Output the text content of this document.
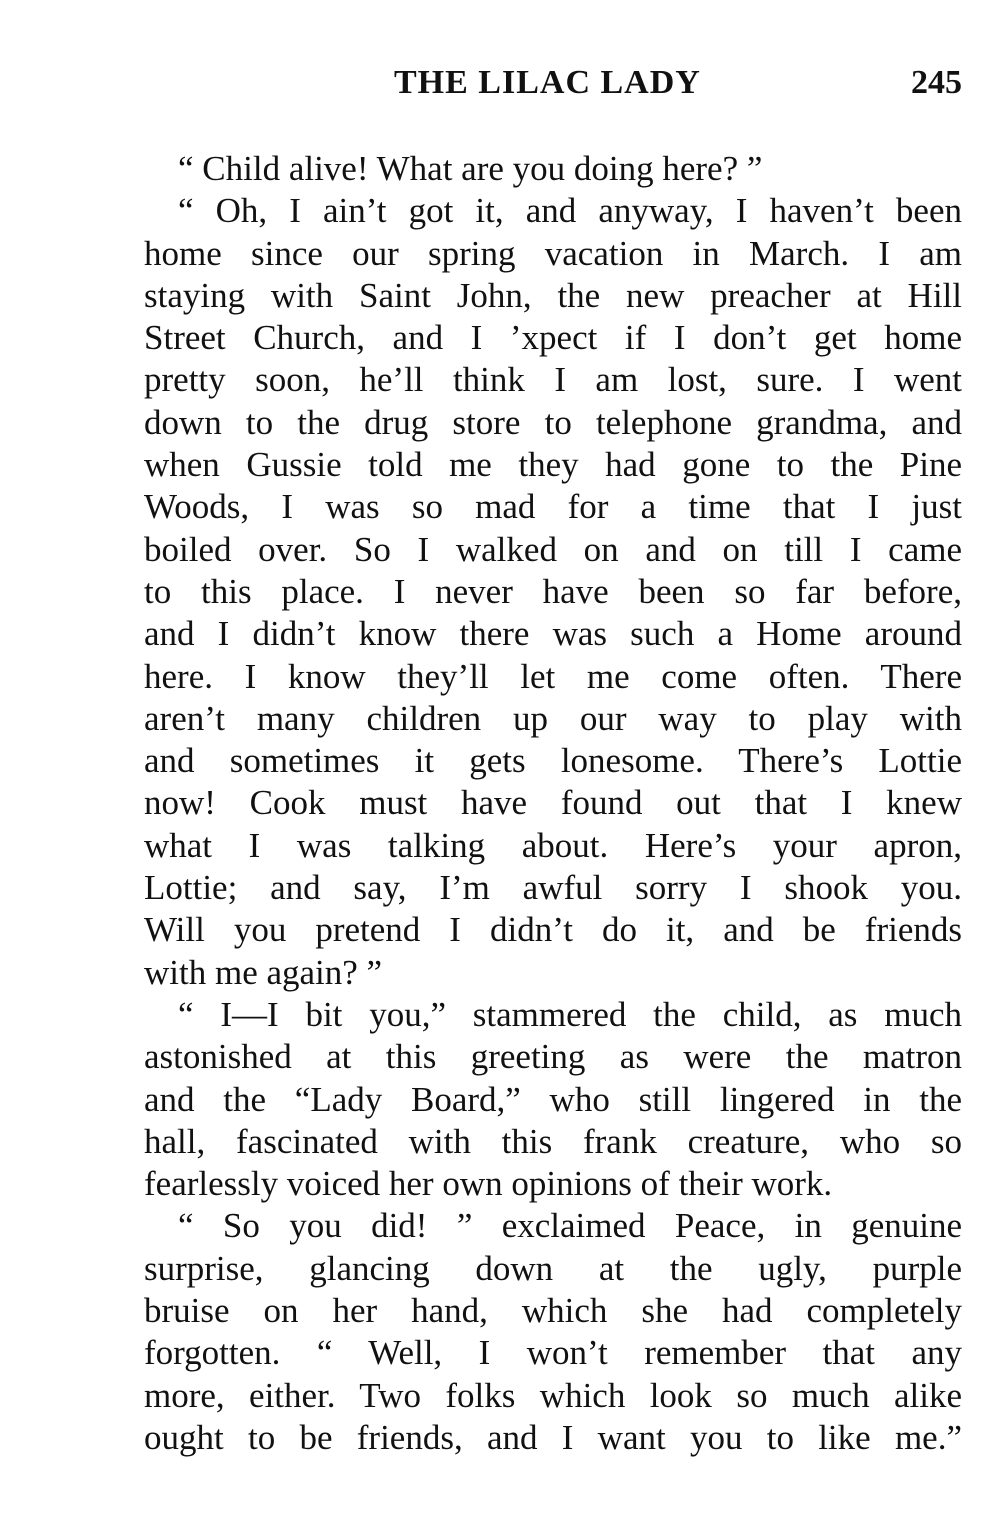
THE LILAC LADY	245
“ Child alive! What are you doing here? ”
“ Oh, I ain’t got it, and anyway, I haven’t been
home since our spring vacation in March. I am
staying with Saint John, the new preacher at Hill
Street Church, and I ’xpect if I don’t get home
pretty soon, he’ll think I am lost, sure. I went
down to the drug store to telephone grandma, and
when Gussie told me they had gone to the Pine
Woods, I was so mad for a time that I just
boiled over. So I walked on and on till I came
to this place. I never have been so far before,
and I didn’t know there was such a Home around
here. I know they’ll let me come often. There
aren’t many children up our way to play with
and sometimes it gets lonesome. There’s Lottie
now! Cook must have found out that I knew
what I was talking about. Here’s your apron,
Lottie; and say, I’m awful sorry I shook you.
Will you pretend I didn’t do it, and be friends
with me again? ”
“ I—I bit you,” stammered the child, as much
astonished at this greeting as were the matron
and the “Lady Board,” who still lingered in the
hall, fascinated with this frank creature, who so
fearlessly voiced her own opinions of their work.
“ So you did! ” exclaimed Peace, in genuine
surprise, glancing down at the ugly, purple
bruise on her hand, which she had completely
forgotten. “ Well, I won’t remember that any
more, either. Two folks which look so much alike
ought to be friends, and I want you to like me.”
